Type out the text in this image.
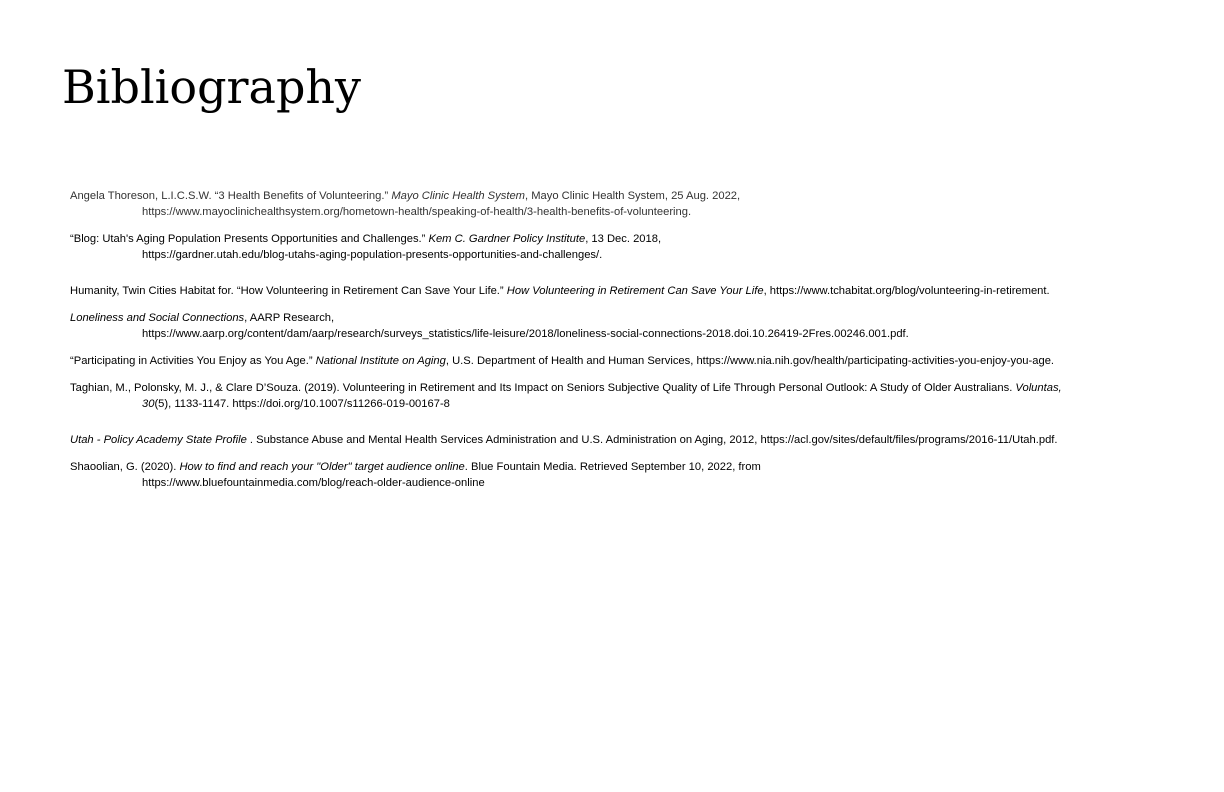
Bibliography
Angela Thoreson, L.I.C.S.W. “3 Health Benefits of Volunteering.” Mayo Clinic Health System, Mayo Clinic Health System, 25 Aug. 2022,
https://www.mayoclinichealthsystem.org/hometown-health/speaking-of-health/3-health-benefits-of-volunteering.
“Blog: Utah's Aging Population Presents Opportunities and Challenges.” Kem C. Gardner Policy Institute, 13 Dec. 2018,
https://gardner.utah.edu/blog-utahs-aging-population-presents-opportunities-and-challenges/.
Humanity, Twin Cities Habitat for. “How Volunteering in Retirement Can Save Your Life.” How Volunteering in Retirement Can Save Your Life, https://www.tchabitat.org/blog/volunteering-in-retirement.
Loneliness and Social Connections, AARP Research,
https://www.aarp.org/content/dam/aarp/research/surveys_statistics/life-leisure/2018/loneliness-social-connections-2018.doi.10.26419-2Fres.00246.001.pdf.
“Participating in Activities You Enjoy as You Age.” National Institute on Aging, U.S. Department of Health and Human Services, https://www.nia.nih.gov/health/participating-activities-you-enjoy-you-age.
Taghian, M., Polonsky, M. J., & Clare D’Souza. (2019). Volunteering in Retirement and Its Impact on Seniors Subjective Quality of Life Through Personal Outlook: A Study of Older Australians. Voluntas,
30(5), 1133-1147. https://doi.org/10.1007/s11266-019-00167-8
Utah - Policy Academy State Profile . Substance Abuse and Mental Health Services Administration and U.S. Administration on Aging, 2012, https://acl.gov/sites/default/files/programs/2016-11/Utah.pdf.
Shaoolian, G. (2020). How to find and reach your "Older" target audience online. Blue Fountain Media. Retrieved September 10, 2022, from
https://www.bluefountainmedia.com/blog/reach-older-audience-online
